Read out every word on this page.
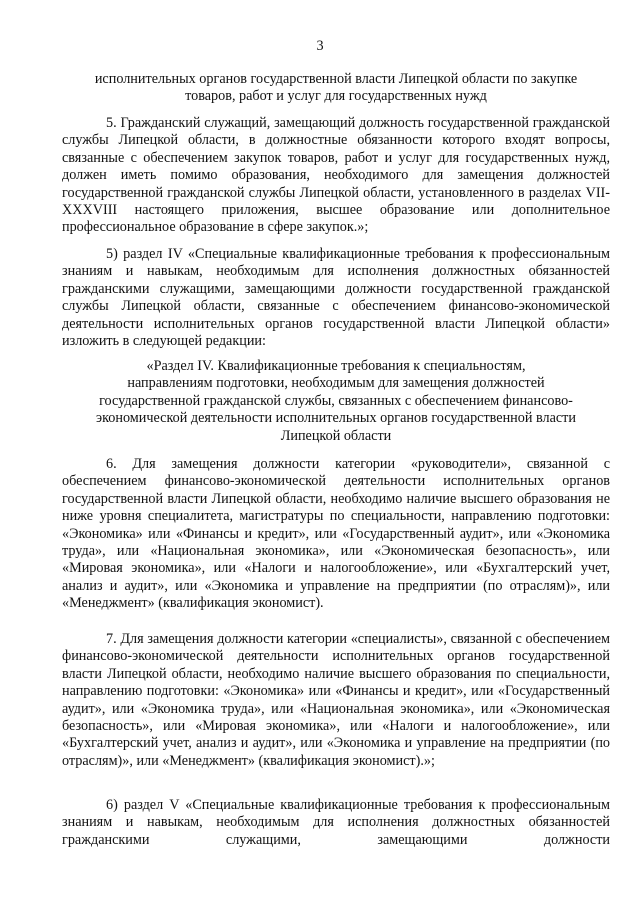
3

исполнительных органов государственной власти Липецкой области по закупке
товаров, работ и услуг для государственных нужд

5. Гражданский служащий, замещающий должность государственной гражданской службы Липецкой области, в должностные обязанности которого входят вопросы, связанные с обеспечением закупок товаров, работ и услуг для государственных нужд, должен иметь помимо образования, необходимого для замещения должностей государственной гражданской службы Липецкой области, установленного в разделах VII-XXXVIII настоящего приложения, высшее образование или дополнительное профессиональное образование в сфере закупок.»;

5) раздел IV «Специальные квалификационные требования к профессиональным знаниям и навыкам, необходимым для исполнения должностных обязанностей гражданскими служащими, замещающими должности государственной гражданской службы Липецкой области, связанные с обеспечением финансово-экономической деятельности исполнительных органов государственной власти Липецкой области» изложить в следующей редакции:

«Раздел IV. Квалификационные требования к специальностям,
направлениям подготовки, необходимым для замещения должностей
государственной гражданской службы, связанных с обеспечением финансово-
экономической деятельности исполнительных органов государственной власти
Липецкой области

6. Для замещения должности категории «руководители», связанной с обеспечением финансово-экономической деятельности исполнительных органов государственной власти Липецкой области, необходимо наличие высшего образования не ниже уровня специалитета, магистратуры по специальности, направлению подготовки: «Экономика» или «Финансы и кредит», или «Государственный аудит», или «Экономика труда», или «Национальная экономика», или «Экономическая безопасность», или «Мировая экономика», или «Налоги и налогообложение», или «Бухгалтерский учет, анализ и аудит», или «Экономика и управление на предприятии (по отраслям)», или «Менеджмент» (квалификация экономист).

7. Для замещения должности категории «специалисты», связанной с обеспечением финансово-экономической деятельности исполнительных органов государственной власти Липецкой области, необходимо наличие высшего образования по специальности, направлению подготовки: «Экономика» или «Финансы и кредит», или «Государственный аудит», или «Экономика труда», или «Национальная экономика», или «Экономическая безопасность», или «Мировая экономика», или «Налоги и налогообложение», или «Бухгалтерский учет, анализ и аудит», или «Экономика и управление на предприятии (по отраслям)», или «Менеджмент» (квалификация экономист).»;

6) раздел V «Специальные квалификационные требования к профессиональным знаниям и навыкам, необходимым для исполнения должностных обязанностей гражданскими служащими, замещающими должности
